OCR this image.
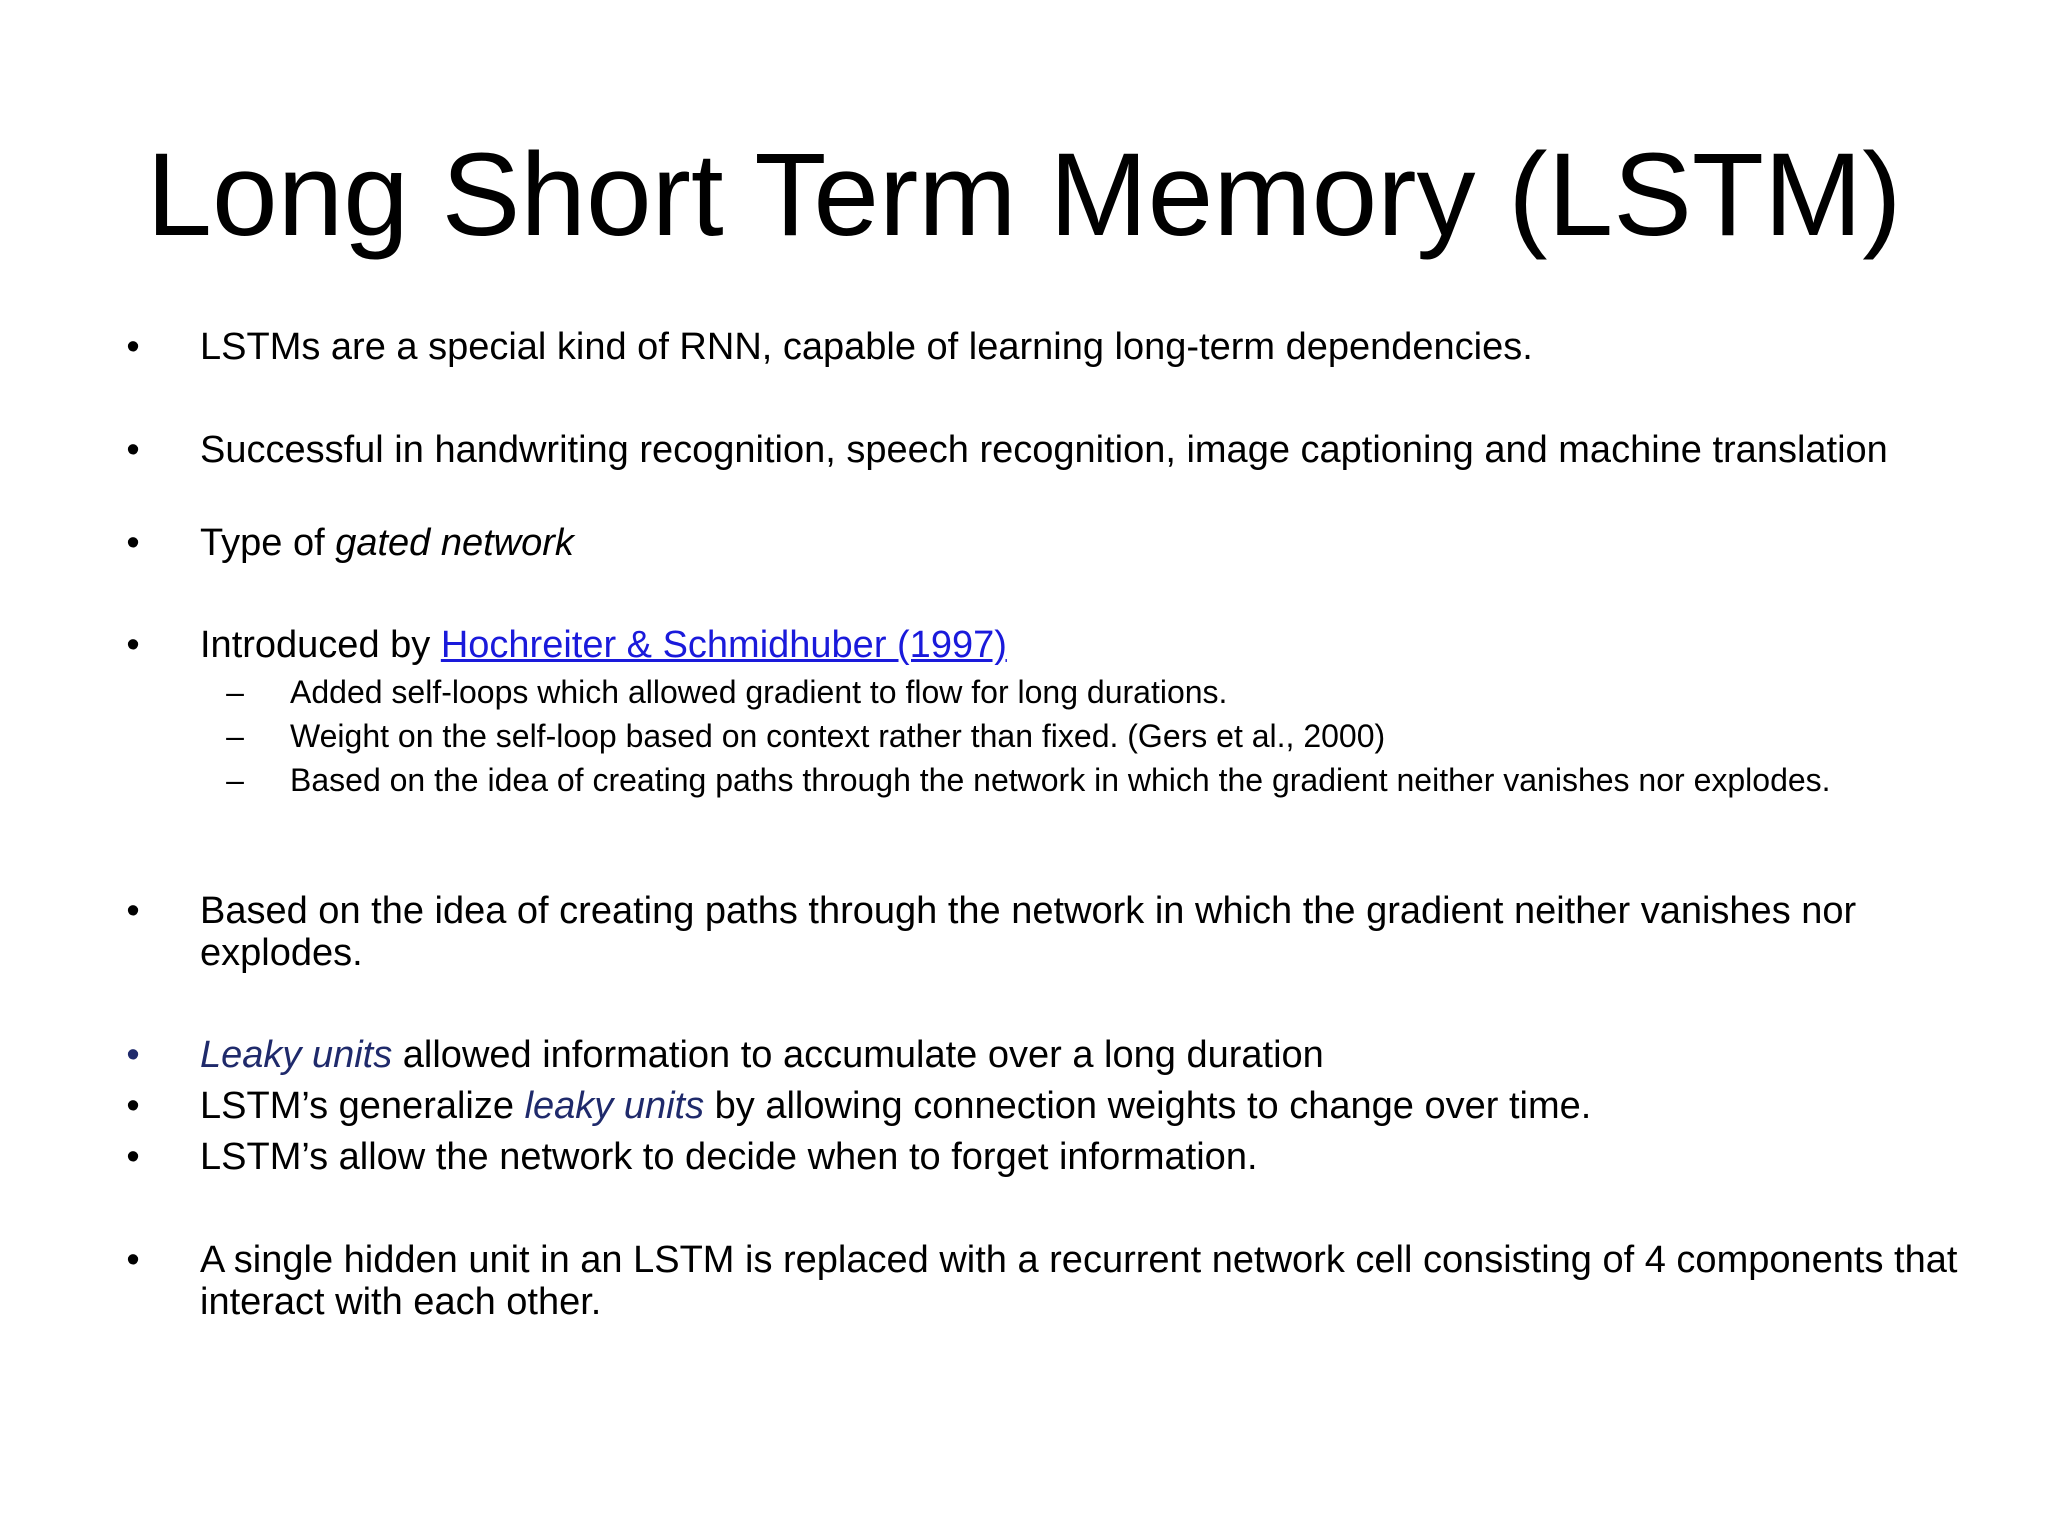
Long Short Term Memory (LSTM)
• LSTMs are a special kind of RNN, capable of learning long-term dependencies.
• Successful in handwriting recognition, speech recognition, image captioning and machine translation
• Type of gated network
• Introduced by Hochreiter & Schmidhuber (1997)
– Added self-loops which allowed gradient to flow for long durations.
– Weight on the self-loop based on context rather than fixed. (Gers et al., 2000)
– Based on the idea of creating paths through the network in which the gradient neither vanishes nor explodes.
• Based on the idea of creating paths through the network in which the gradient neither vanishes nor explodes.
• Leaky units allowed information to accumulate over a long duration
• LSTM’s generalize leaky units by allowing connection weights to change over time.
• LSTM’s allow the network to decide when to forget information.
• A single hidden unit in an LSTM is replaced with a recurrent network cell consisting of 4 components that interact with each other.
